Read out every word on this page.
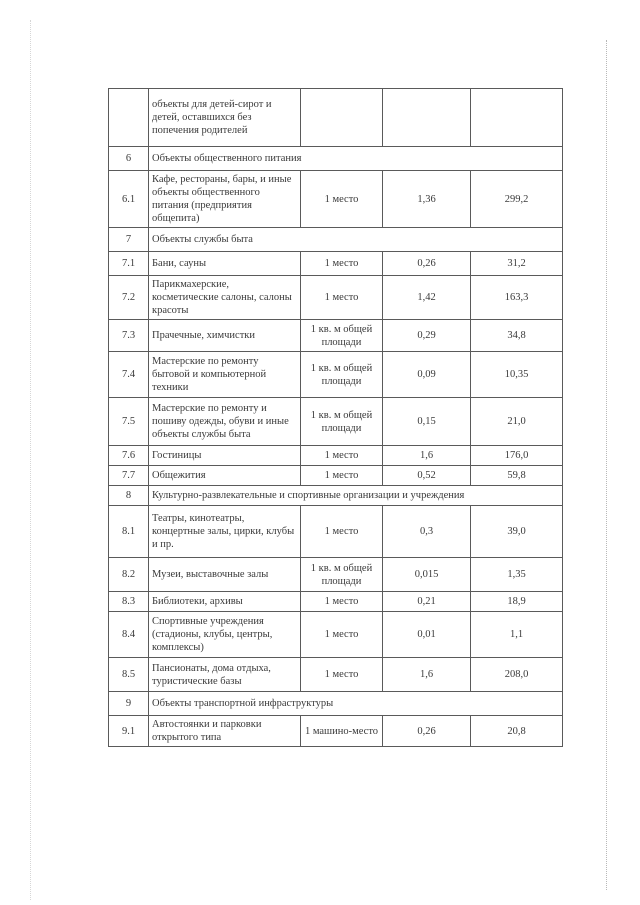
	объекты для детей-сирот и детей, оставшихся без попечения родителей			
6	Объекты общественного питания			
6.1	Кафе, рестораны, бары, и иные объекты общественного питания (предприятия общепита)	1 место	1,36	299,2
7	Объекты службы быта			
7.1	Бани, сауны	1 место	0,26	31,2
7.2	Парикмахерские, косметические салоны, салоны красоты	1 место	1,42	163,3
7.3	Прачечные, химчистки	1 кв. м общей площади	0,29	34,8
7.4	Мастерские по ремонту бытовой и компьютерной техники	1 кв. м общей площади	0,09	10,35
7.5	Мастерские по ремонту и пошиву одежды, обуви и иные объекты службы быта	1 кв. м общей площади	0,15	21,0
7.6	Гостиницы	1 место	1,6	176,0
7.7	Общежития	1 место	0,52	59,8
8	Культурно-развлекательные и спортивные организации и учреждения			
8.1	Театры, кинотеатры, концертные залы, цирки, клубы и пр.	1 место	0,3	39,0
8.2	Музеи, выставочные залы	1 кв. м общей площади	0,015	1,35
8.3	Библиотеки, архивы	1 место	0,21	18,9
8.4	Спортивные учреждения (стадионы, клубы, центры, комплексы)	1 место	0,01	1,1
8.5	Пансионаты, дома отдыха, туристические базы	1 место	1,6	208,0
9	Объекты транспортной инфраструктуры			
9.1	Автостоянки и парковки открытого типа	1 машино-место	0,26	20,8
